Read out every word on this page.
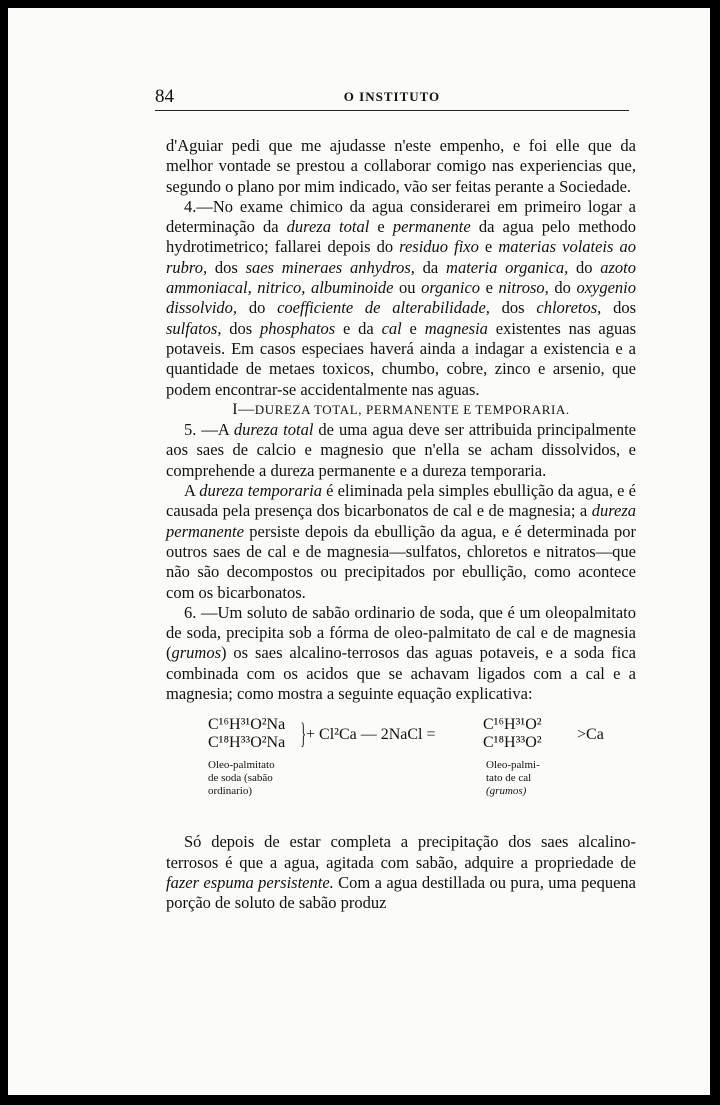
84	O INSTITUTO

d'Aguiar pedi que me ajudasse n'este empenho, e foi elle que da melhor vontade se prestou a collaborar comigo nas experiencias que, segundo o plano por mim indicado, vão ser feitas perante a Sociedade.

4.—No exame chimico da agua considerarei em primeiro logar a determinação da dureza total e permanente da agua pelo methodo hydrotimetrico; fallarei depois do residuo fixo e materias volateis ao rubro, dos saes mineraes anhydros, da materia organica, do azoto ammoniacal, nitrico, albuminoide ou organico e nitroso, do oxygenio dissolvido, do coefficiente de alterabilidade, dos chloretos, dos sulfatos, dos phosphatos e da cal e magnesia existentes nas aguas potaveis. Em casos especiaes haverá ainda a indagar a existencia e a quantidade de metaes toxicos, chumbo, cobre, zinco e arsenio, que podem encontrar-se accidentalmente nas aguas.

I—DUREZA TOTAL, PERMANENTE E TEMPORARIA.

5. —A dureza total de uma agua deve ser attribuida principalmente aos saes de calcio e magnesio que n'ella se acham dissolvidos, e comprehende a dureza permanente e a dureza temporaria.

A dureza temporaria é eliminada pela simples ebullição da agua, e é causada pela presença dos bicarbonatos de cal e de magnesia; a dureza permanente persiste depois da ebullição da agua, e é determinada por outros saes de cal e de magnesia—sulfatos, chloretos e nitratos—que não são decompostos ou precipitados por ebullição, como acontece com os bicarbonatos.

6. —Um soluto de sabão ordinario de soda, que é um oleopalmitato de soda, precipita sob a fórma de oleo-palmitato de cal e de magnesia (grumos) os saes alcalino-terrosos das aguas potaveis, e a soda fica combinada com os acidos que se achavam ligados com a cal e a magnesia; como mostra a seguinte equação explicativa:

C¹⁶H³¹O²Na
C¹⁸H³³O²Na } + Cl²Ca — 2NaCl =
C¹⁶H³¹O²
C¹⁸H³³O² >Ca
Oleo-palmitato
de soda (sabão
ordinario)
Oleo-palmi-
tato de cal
(grumos)

Só depois de estar completa a precipitação dos saes alcalino-terrosos é que a agua, agitada com sabão, adquire a propriedade de fazer espuma persistente. Com a agua destillada ou pura, uma pequena porção de soluto de sabão produz
